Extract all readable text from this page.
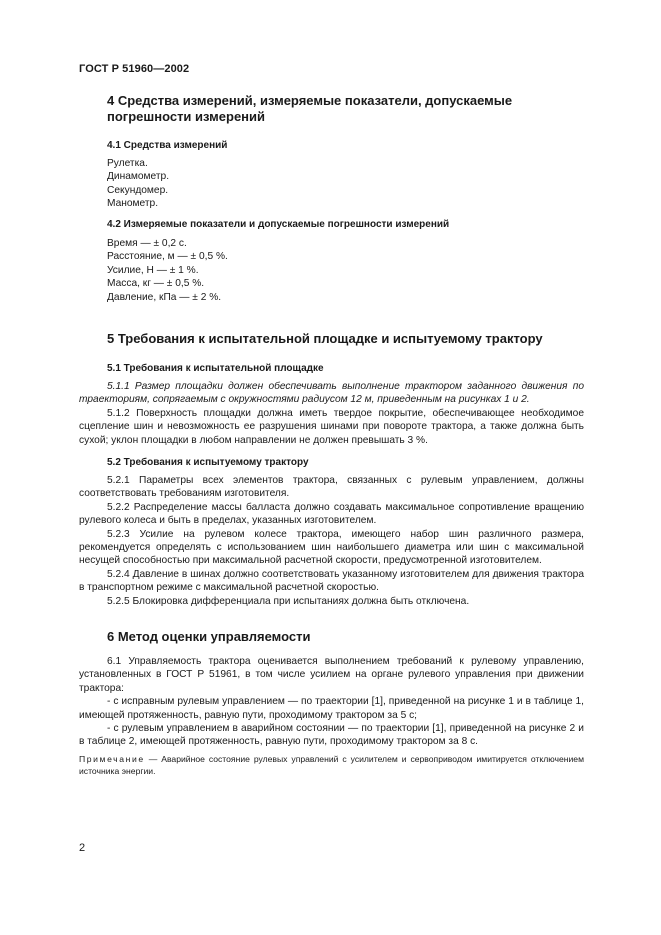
ГОСТ Р 51960—2002
4 Средства измерений, измеряемые показатели, допускаемые погрешности измерений
4.1 Средства измерений
Рулетка.
Динамометр.
Секундомер.
Манометр.
4.2 Измеряемые показатели и допускаемые погрешности измерений
Время — ± 0,2 с.
Расстояние, м — ± 0,5 %.
Усилие, Н — ± 1 %.
Масса, кг — ± 0,5 %.
Давление, кПа — ± 2 %.
5 Требования к испытательной площадке и испытуемому трактору
5.1 Требования к испытательной площадке

5.1.1 Размер площадки должен обеспечивать выполнение трактором заданного движения по траекториям, сопрягаемым с окружностями радиусом 12 м, приведенным на рисунках 1 и 2.

5.1.2 Поверхность площадки должна иметь твердое покрытие, обеспечивающее необходимое сцепление шин и невозможность ее разрушения шинами при повороте трактора, а также должна быть сухой; уклон площадки в любом направлении не должен превышать 3 %.

5.2 Требования к испытуемому трактору

5.2.1 Параметры всех элементов трактора, связанных с рулевым управлением, должны соответствовать требованиям изготовителя.

5.2.2 Распределение массы балласта должно создавать максимальное сопротивление вращению рулевого колеса и быть в пределах, указанных изготовителем.

5.2.3 Усилие на рулевом колесе трактора, имеющего набор шин различного размера, рекомендуется определять с использованием шин наибольшего диаметра или шин с максимальной несущей способностью при максимальной расчетной скорости, предусмотренной изготовителем.

5.2.4 Давление в шинах должно соответствовать указанному изготовителем для движения трактора в транспортном режиме с максимальной расчетной скоростью.

5.2.5 Блокировка дифференциала при испытаниях должна быть отключена.

6 Метод оценки управляемости

6.1 Управляемость трактора оценивается выполнением требований к рулевому управлению, установленных в ГОСТ Р 51961, в том числе усилием на органе рулевого управления при движении трактора:

- с исправным рулевым управлением — по траектории [1], приведенной на рисунке 1 и в таблице 1, имеющей протяженность, равную пути, проходимому трактором за 5 с;

- с рулевым управлением в аварийном состоянии — по траектории [1], приведенной на рисунке 2 и в таблице 2, имеющей протяженность, равную пути, проходимому трактором за 8 с.

Примечание — Аварийное состояние рулевых управлений с усилителем и сервоприводом имитируется отключением источника энергии.
2
